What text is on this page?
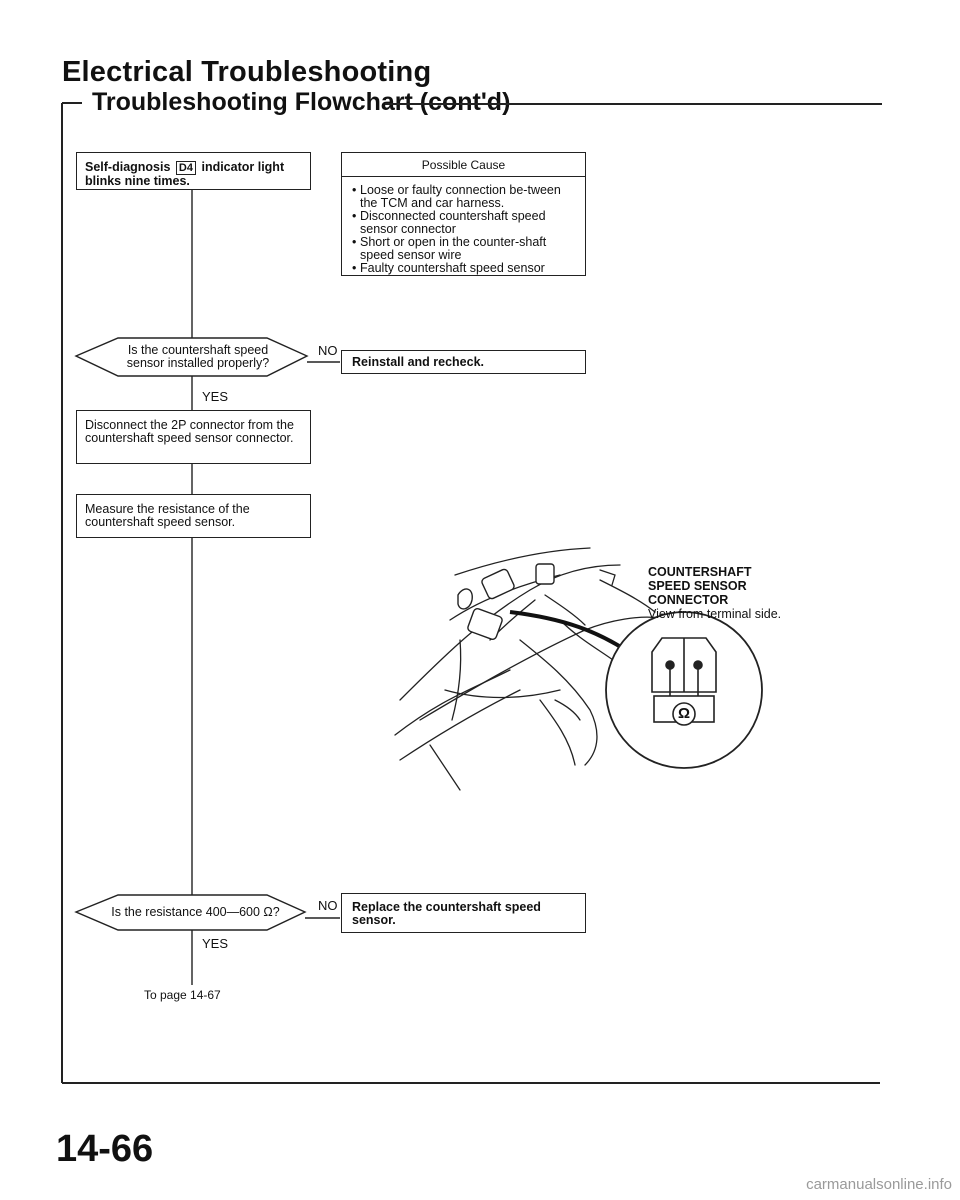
Electrical Troubleshooting
Troubleshooting Flowchart (cont'd)
Self-diagnosis D4 indicator light blinks nine times.
Possible Cause
• Loose or faulty connection be-tween the TCM and car harness.
• Disconnected countershaft speed sensor connector
• Short or open in the counter-shaft speed sensor wire
• Faulty countershaft speed sensor
Is the countershaft speed sensor installed properly?
NO
YES
Reinstall and recheck.
Disconnect the 2P connector from the countershaft speed sensor connector.
Measure the resistance of the countershaft speed sensor.
Is the resistance 400—600 Ω?	NO
YES
Replace the countershaft speed sensor.
To page 14-67
COUNTERSHAFT
SPEED SENSOR
CONNECTOR
View from terminal side.
Ω
14-66
carmanualsonline.info
